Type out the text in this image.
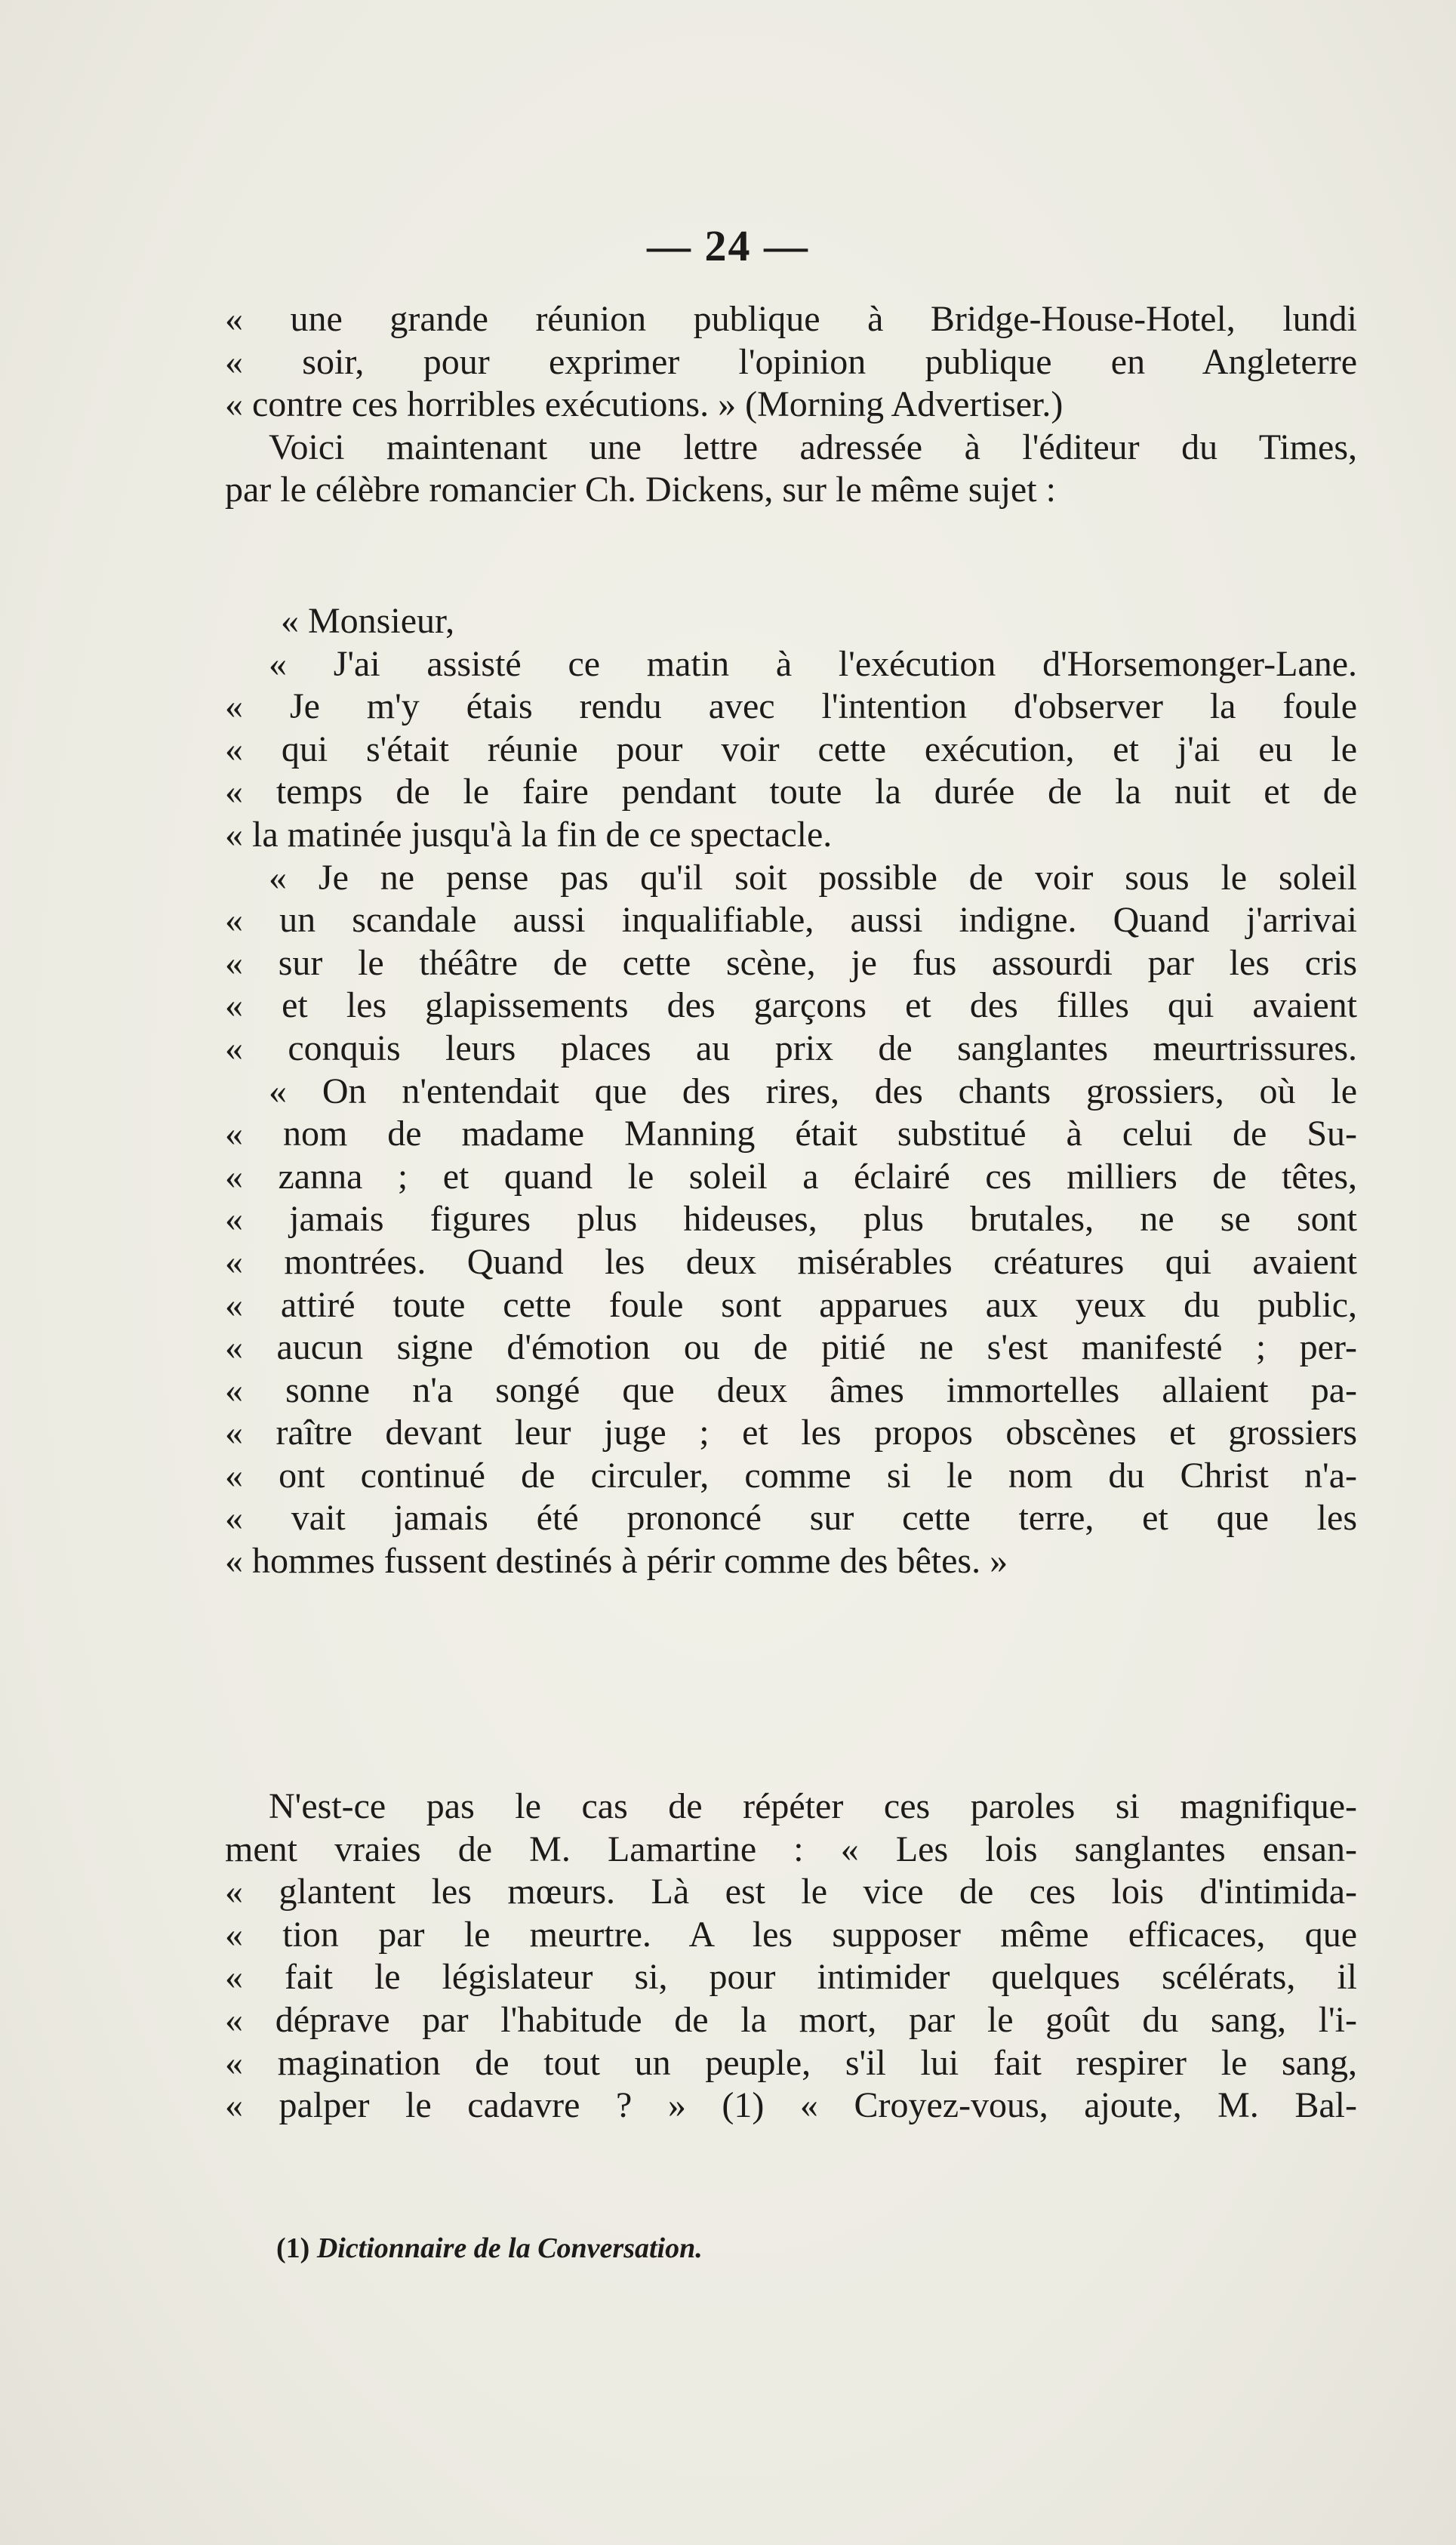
— 24 —
« une grande réunion publique à Bridge-House-Hotel, lundi
« soir, pour exprimer l'opinion publique en Angleterre
« contre ces horribles exécutions. » (Morning Advertiser.)
Voici maintenant une lettre adressée à l'éditeur du Times,
par le célèbre romancier Ch. Dickens, sur le même sujet :
« Monsieur,
« J'ai assisté ce matin à l'exécution d'Horsemonger-Lane.
« Je m'y étais rendu avec l'intention d'observer la foule
« qui s'était réunie pour voir cette exécution, et j'ai eu le
« temps de le faire pendant toute la durée de la nuit et de
« la matinée jusqu'à la fin de ce spectacle.
« Je ne pense pas qu'il soit possible de voir sous le soleil
« un scandale aussi inqualifiable, aussi indigne. Quand j'arrivai
« sur le théâtre de cette scène, je fus assourdi par les cris
« et les glapissements des garçons et des filles qui avaient
« conquis leurs places au prix de sanglantes meurtrissures.
« On n'entendait que des rires, des chants grossiers, où le
« nom de madame Manning était substitué à celui de Su-
« zanna ; et quand le soleil a éclairé ces milliers de têtes,
« jamais figures plus hideuses, plus brutales, ne se sont
« montrées. Quand les deux misérables créatures qui avaient
« attiré toute cette foule sont apparues aux yeux du public,
« aucun signe d'émotion ou de pitié ne s'est manifesté ; per-
« sonne n'a songé que deux âmes immortelles allaient pa-
« raître devant leur juge ; et les propos obscènes et grossiers
« ont continué de circuler, comme si le nom du Christ n'a-
« vait jamais été prononcé sur cette terre, et que les
« hommes fussent destinés à périr comme des bêtes. »
N'est-ce pas le cas de répéter ces paroles si magnifique-
ment vraies de M. Lamartine : « Les lois sanglantes ensan-
« glantent les mœurs. Là est le vice de ces lois d'intimida-
« tion par le meurtre. A les supposer même efficaces, que
« fait le législateur si, pour intimider quelques scélérats, il
« déprave par l'habitude de la mort, par le goût du sang, l'i-
« magination de tout un peuple, s'il lui fait respirer le sang,
« palper le cadavre ? » (1) « Croyez-vous, ajoute, M. Bal-
(1) Dictionnaire de la Conversation.
